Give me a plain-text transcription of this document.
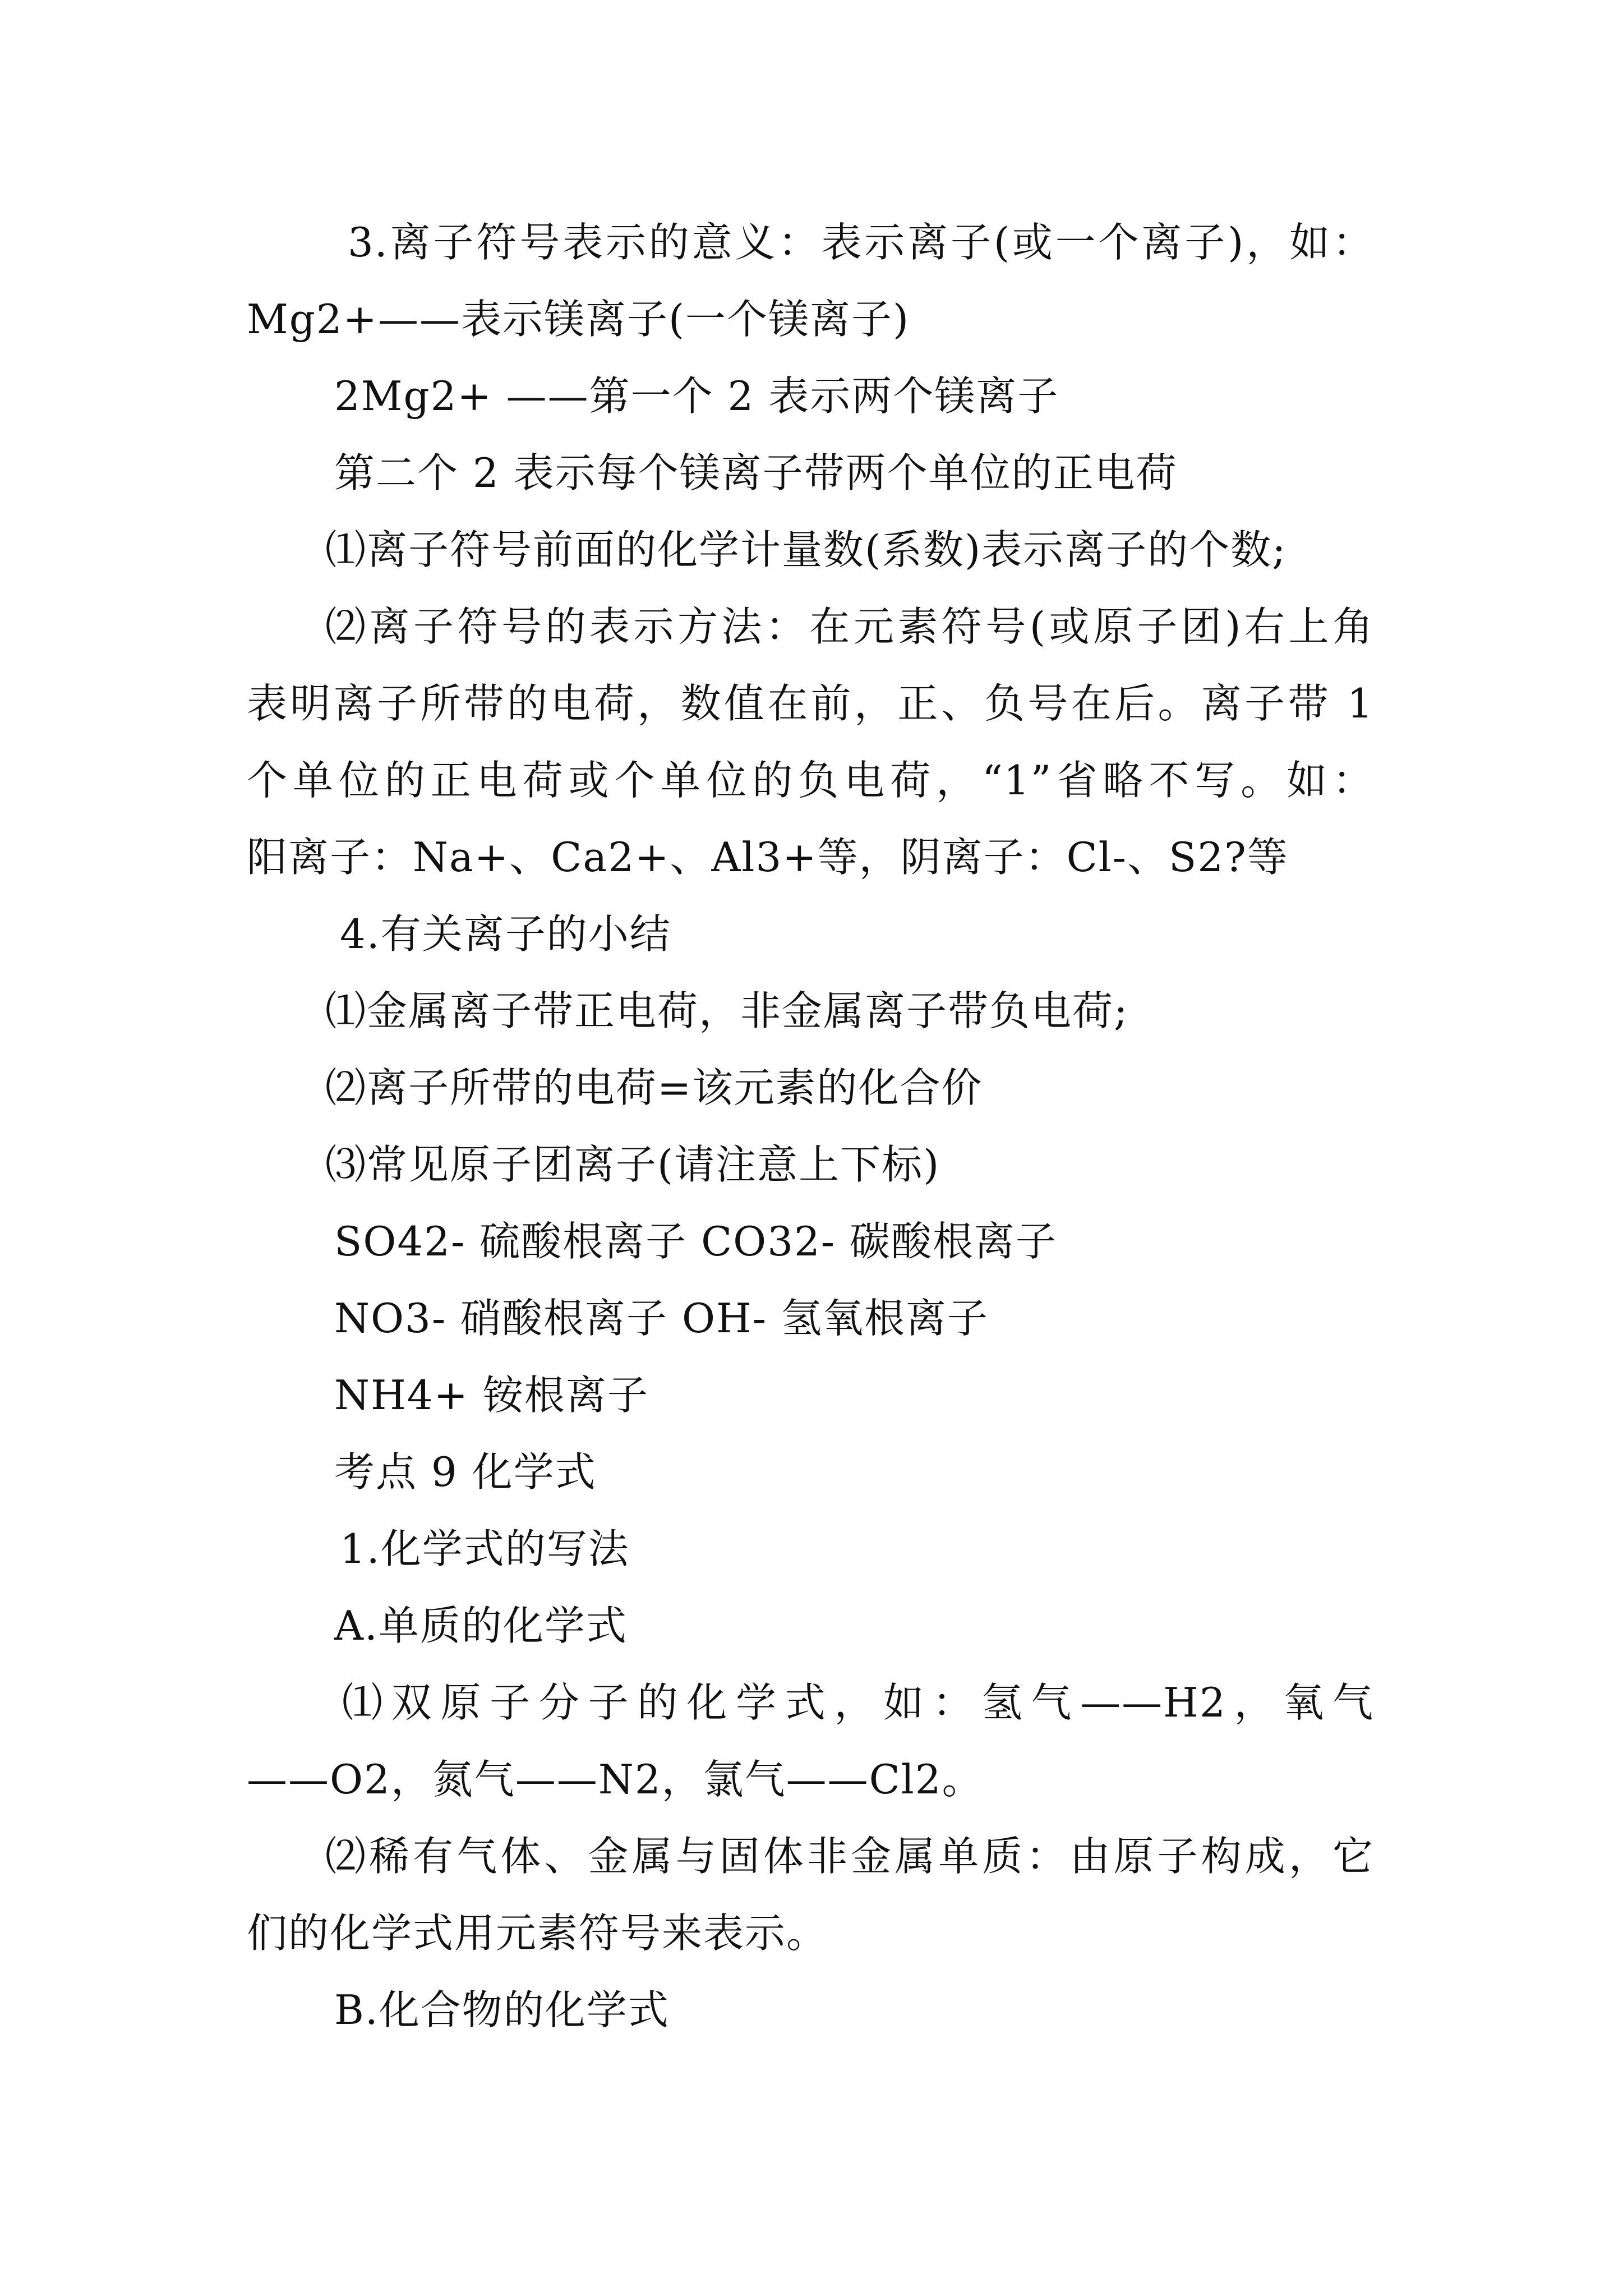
3.离子符号表示的意义：表示离子(或一个离子)，如：
Mg2+——表示镁离子(一个镁离子)
2Mg2+ ——第一个 2 表示两个镁离子
第二个 2 表示每个镁离子带两个单位的正电荷
⑴离子符号前面的化学计量数(系数)表示离子的个数;
⑵离子符号的表示方法：在元素符号(或原子团)右上角
表明离子所带的电荷，数值在前，正、负号在后。离子带 1
个单位的正电荷或个单位的负电荷，“1”省略不写。如：
阳离子：Na+、Ca2+、Al3+等，阴离子：Cl-、S2?等
4.有关离子的小结
⑴金属离子带正电荷，非金属离子带负电荷;
⑵离子所带的电荷=该元素的化合价
⑶常见原子团离子(请注意上下标)
SO42- 硫酸根离子 CO32- 碳酸根离子
NO3- 硝酸根离子 OH- 氢氧根离子
NH4+ 铵根离子
考点 9 化学式
1.化学式的写法
A.单质的化学式
⑴双原子分子的化学式，如：氢气——H2，氧气
——O2，氮气——N2，氯气——Cl2。
⑵稀有气体、金属与固体非金属单质：由原子构成，它
们的化学式用元素符号来表示。
B.化合物的化学式
